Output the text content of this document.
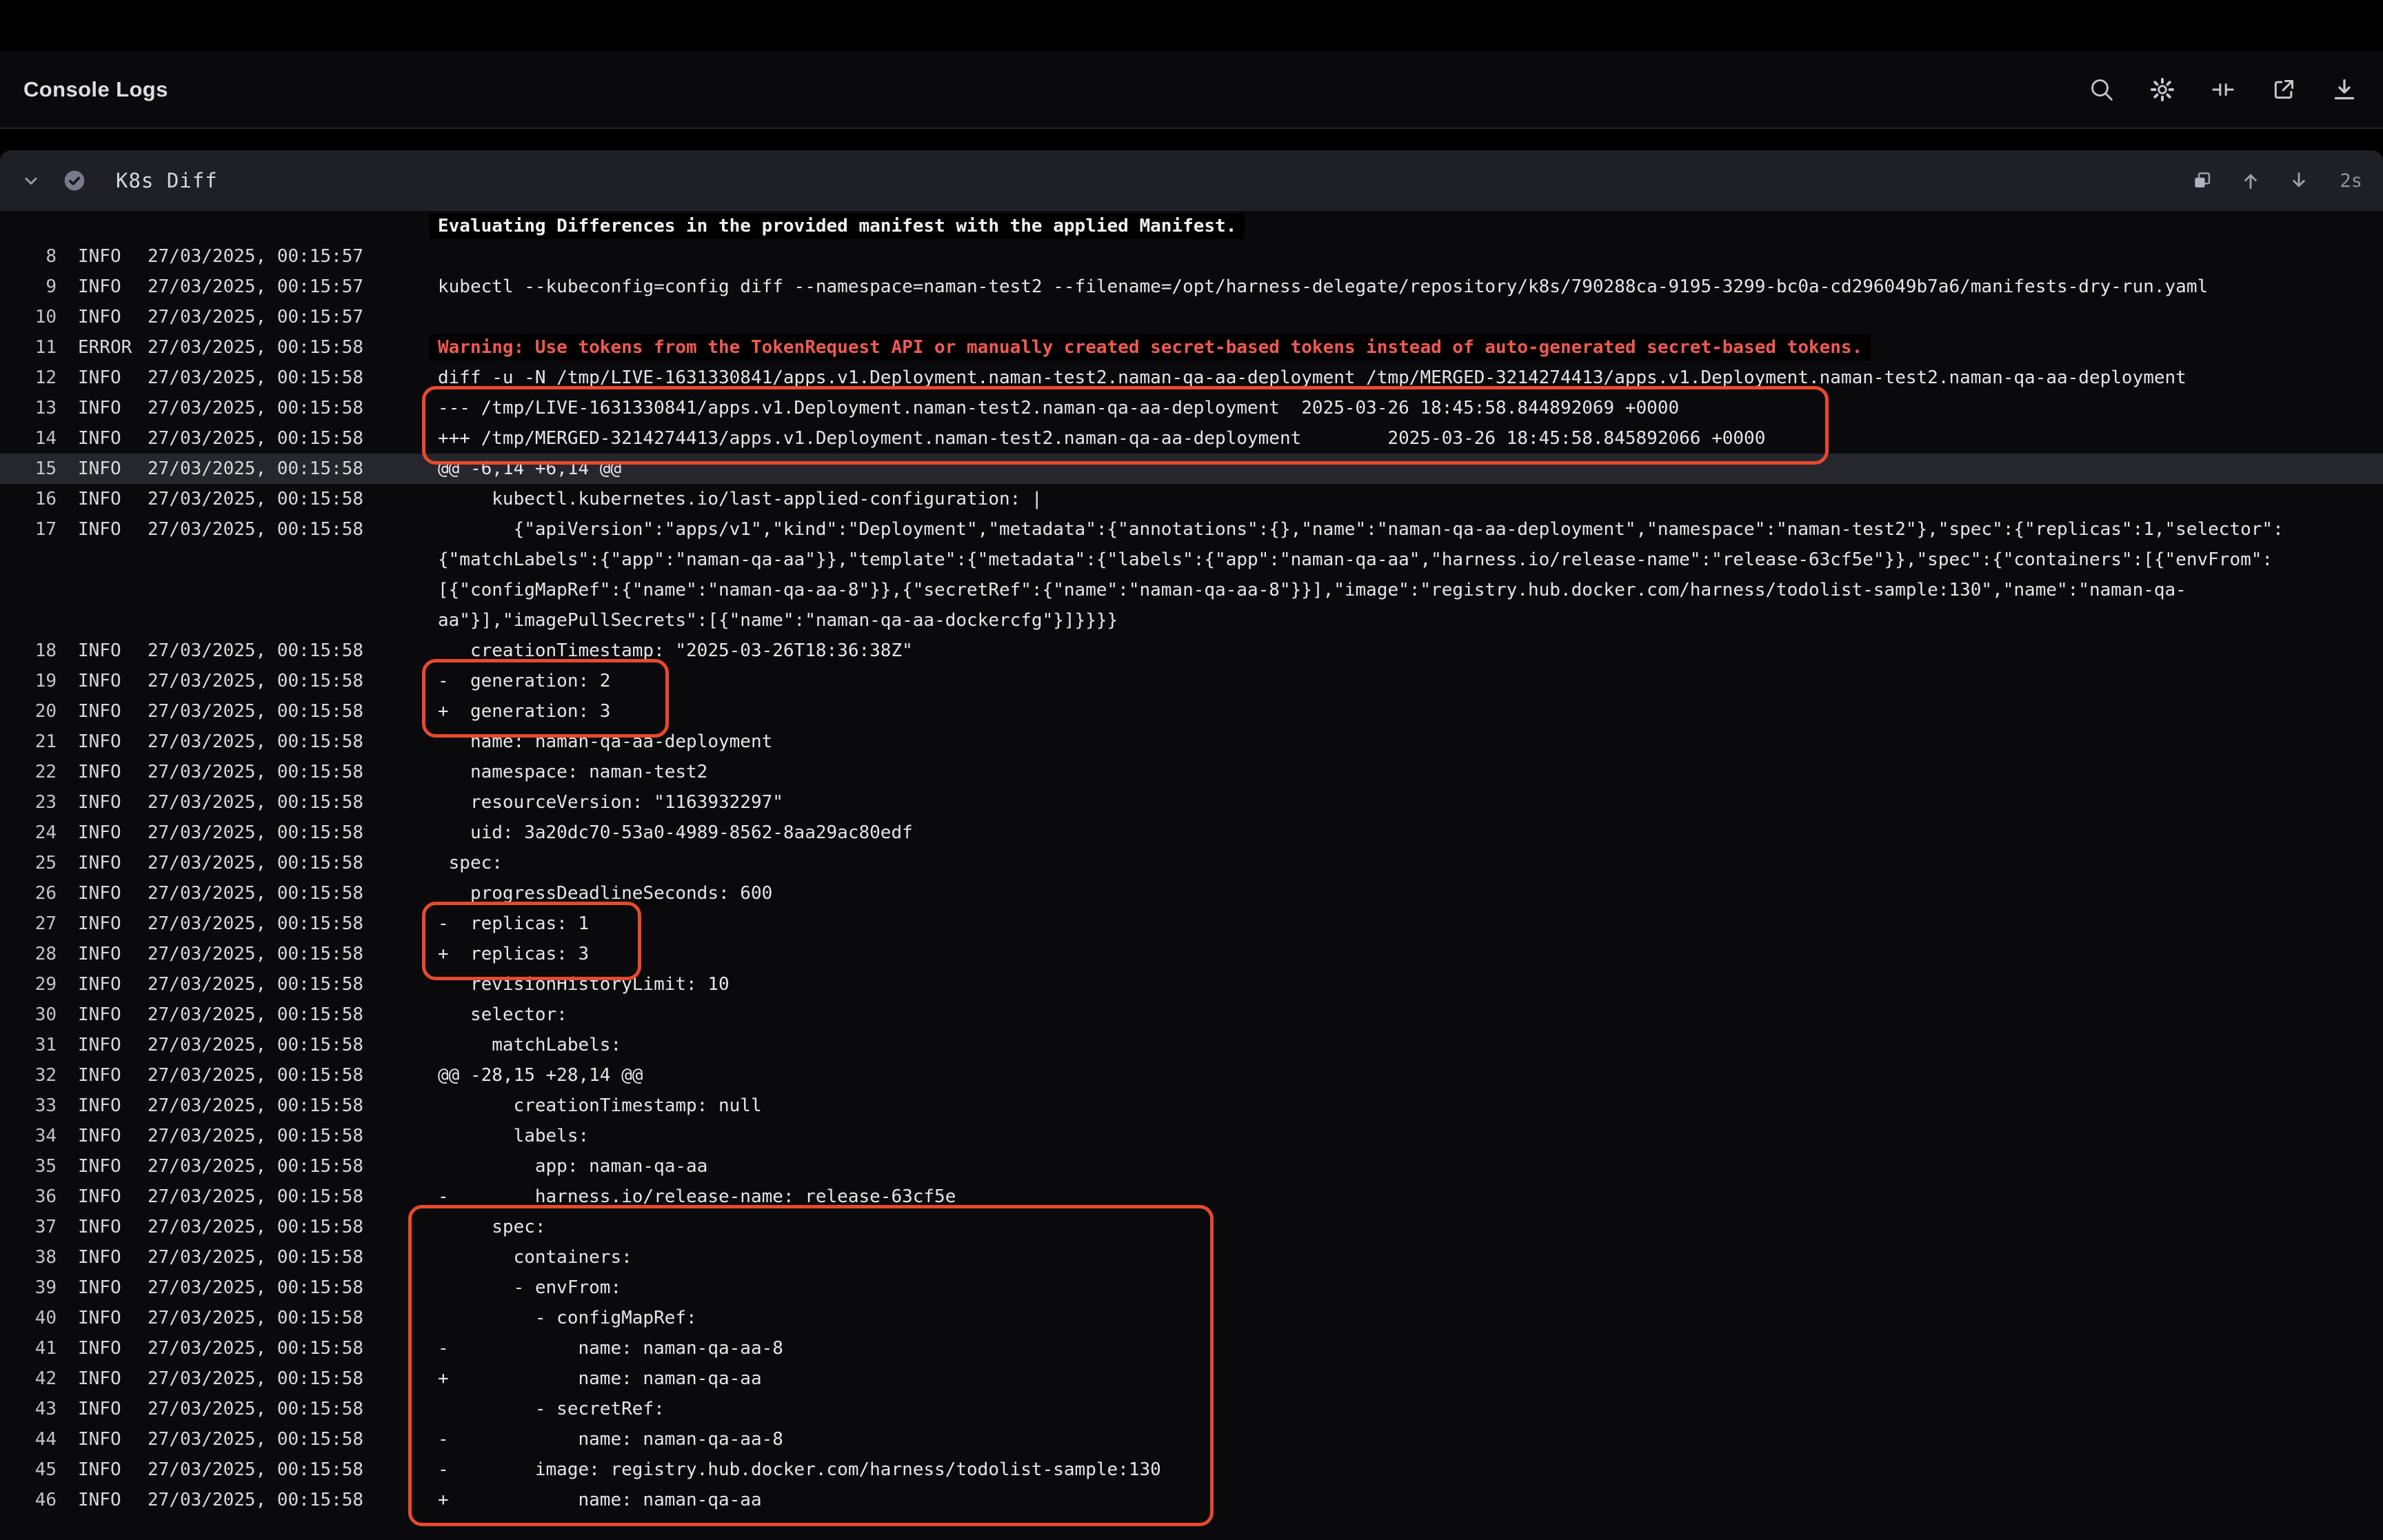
Console Logs
K8s Diff	2s
Evaluating Differences in the provided manifest with the applied Manifest.
8 INFO	27/03/2025, 00:15:57
9 INFO	27/03/2025, 00:15:57	kubectl --kubeconfig=config diff --namespace=naman-test2 --filename=/opt/harness-delegate/repository/k8s/790288ca-9195-3299-bc0a-cd296049b7a6/manifests-dry-run.yaml
10 INFO	27/03/2025, 00:15:57
11 ERROR 27/03/2025, 00:15:58	Warning: Use tokens from the TokenRequest API or manually created secret-based tokens instead of auto-generated secret-based tokens.
12 INFO	27/03/2025, 00:15:58	diff -u -N /tmp/LIVE-1631330841/apps.v1.Deployment.naman-test2.naman-qa-aa-deployment /tmp/MERGED-3214274413/apps.v1.Deployment.naman-test2.naman-qa-aa-deployment
13 INFO	27/03/2025, 00:15:58	--- /tmp/LIVE-1631330841/apps.v1.Deployment.naman-test2.naman-qa-aa-deployment  2025-03-26 18:45:58.844892069 +0000
14 INFO	27/03/2025, 00:15:58	+++ /tmp/MERGED-3214274413/apps.v1.Deployment.naman-test2.naman-qa-aa-deployment        2025-03-26 18:45:58.845892066 +0000
15 INFO	27/03/2025, 00:15:58	@@ -6,14 +6,14 @@
16 INFO	27/03/2025, 00:15:58	kubectl.kubernetes.io/last-applied-configuration: |
17 INFO	27/03/2025, 00:15:58	{"apiVersion":"apps/v1","kind":"Deployment","metadata":{"annotations":{},"name":"naman-qa-aa-deployment","namespace":"naman-test2"},"spec":{"replicas":1,"selector":
{"matchLabels":{"app":"naman-qa-aa"}},"template":{"metadata":{"labels":{"app":"naman-qa-aa","harness.io/release-name":"release-63cf5e"}},"spec":{"containers":[{"envFrom":
[{"configMapRef":{"name":"naman-qa-aa-8"}},{"secretRef":{"name":"naman-qa-aa-8"}}],"image":"registry.hub.docker.com/harness/todolist-sample:130","name":"naman-qa-
aa"}],"imagePullSecrets":[{"name":"naman-qa-aa-dockercfg"}]}}}}
18 INFO	27/03/2025, 00:15:58	creationTimestamp: "2025-03-26T18:36:38Z"
19 INFO	27/03/2025, 00:15:58	-  generation: 2
20 INFO	27/03/2025, 00:15:58	+  generation: 3
21 INFO	27/03/2025, 00:15:58	name: naman-qa-aa-deployment
22 INFO	27/03/2025, 00:15:58	namespace: naman-test2
23 INFO	27/03/2025, 00:15:58	resourceVersion: "1163932297"
24 INFO	27/03/2025, 00:15:58	uid: 3a20dc70-53a0-4989-8562-8aa29ac80edf
25 INFO	27/03/2025, 00:15:58	spec:
26 INFO	27/03/2025, 00:15:58	progressDeadlineSeconds: 600
27 INFO	27/03/2025, 00:15:58	-  replicas: 1
28 INFO	27/03/2025, 00:15:58	+  replicas: 3
29 INFO	27/03/2025, 00:15:58	revisionHistoryLimit: 10
30 INFO	27/03/2025, 00:15:58	selector:
31 INFO	27/03/2025, 00:15:58	matchLabels:
32 INFO	27/03/2025, 00:15:58	@@ -28,15 +28,14 @@
33 INFO	27/03/2025, 00:15:58	creationTimestamp: null
34 INFO	27/03/2025, 00:15:58	labels:
35 INFO	27/03/2025, 00:15:58	app: naman-qa-aa
36 INFO	27/03/2025, 00:15:58	-        harness.io/release-name: release-63cf5e
37 INFO	27/03/2025, 00:15:58	spec:
38 INFO	27/03/2025, 00:15:58	containers:
39 INFO	27/03/2025, 00:15:58	- envFrom:
40 INFO	27/03/2025, 00:15:58	- configMapRef:
41 INFO	27/03/2025, 00:15:58	-            name: naman-qa-aa-8
42 INFO	27/03/2025, 00:15:58	+            name: naman-qa-aa
43 INFO	27/03/2025, 00:15:58	- secretRef:
44 INFO	27/03/2025, 00:15:58	-            name: naman-qa-aa-8
45 INFO	27/03/2025, 00:15:58	-        image: registry.hub.docker.com/harness/todolist-sample:130
46 INFO	27/03/2025, 00:15:58	+            name: naman-qa-aa
